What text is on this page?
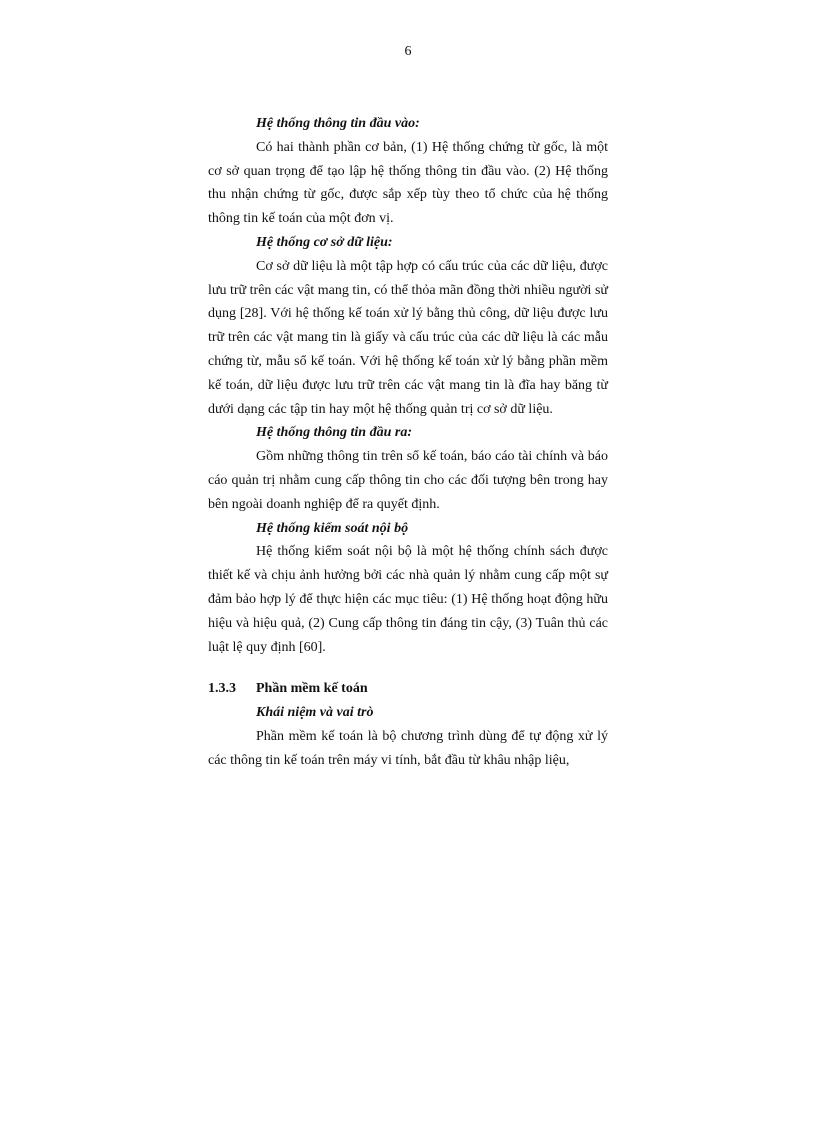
6

Hệ thống thông tin đầu vào:

Có hai thành phần cơ bản, (1) Hệ thống chứng từ gốc, là một cơ sở quan trọng để tạo lập hệ thống thông tin đầu vào. (2) Hệ thống thu nhận chứng từ gốc, được sắp xếp tùy theo tổ chức của hệ thống thông tin kế toán của một đơn vị.

Hệ thống cơ sở dữ liệu:

Cơ sở dữ liệu là một tập hợp có cấu trúc của các dữ liệu, được lưu trữ trên các vật mang tin, có thể thỏa mãn đồng thời nhiều người sử dụng [28]. Với hệ thống kế toán xử lý bằng thủ công, dữ liệu được lưu trữ trên các vật mang tin là giấy và cấu trúc của các dữ liệu là các mẫu chứng từ, mẫu sổ kế toán. Với hệ thống kế toán xử lý bằng phần mềm kế toán, dữ liệu được lưu trữ trên các vật mang tin là đĩa hay băng từ dưới dạng các tập tin hay một hệ thống quản trị cơ sở dữ liệu.

Hệ thống thông tin đầu ra:

Gồm những thông tin trên sổ kế toán, báo cáo tài chính và báo cáo quản trị nhằm cung cấp thông tin cho các đối tượng bên trong hay bên ngoài doanh nghiệp để ra quyết định.

Hệ thống kiểm soát nội bộ

Hệ thống kiểm soát nội bộ là một hệ thống chính sách được thiết kế và chịu ảnh hưởng bởi các nhà quản lý nhằm cung cấp một sự đảm bảo hợp lý để thực hiện các mục tiêu: (1) Hệ thống hoạt động hữu hiệu và hiệu quả, (2) Cung cấp thông tin đáng tin cậy, (3) Tuân thủ các luật lệ quy định [60].

1.3.3	Phần mềm kế toán

Khái niệm và vai trò

Phần mềm kế toán là bộ chương trình dùng để tự động xử lý các thông tin kế toán trên máy vi tính, bắt đầu từ khâu nhập liệu,
